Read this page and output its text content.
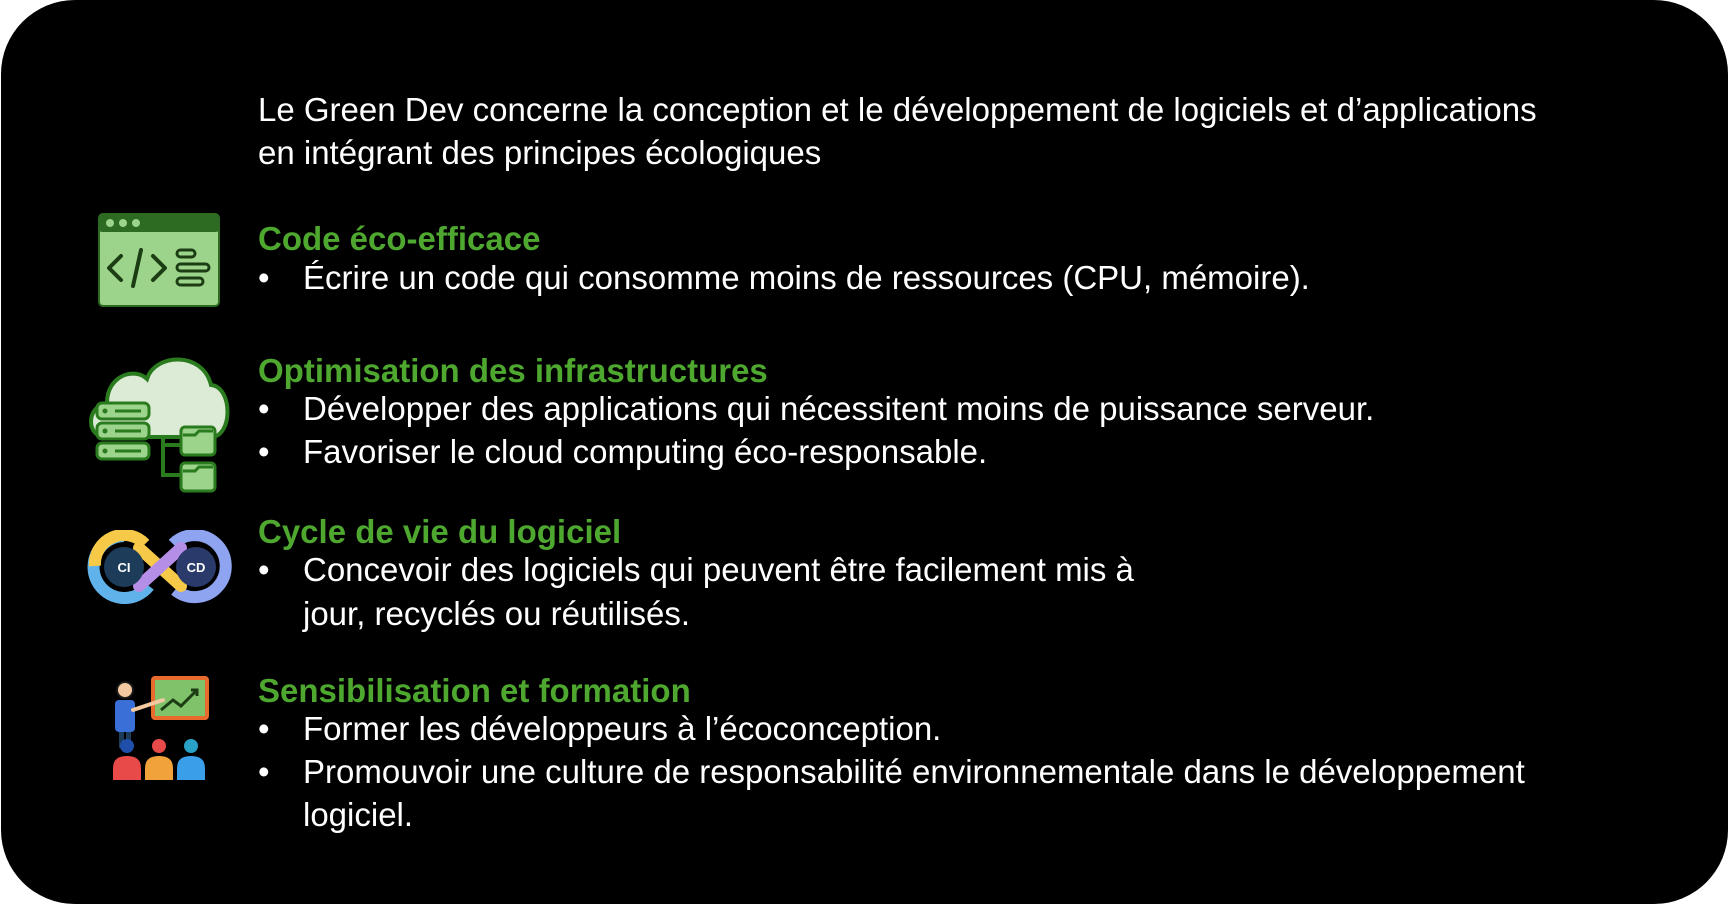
Le Green Dev concerne la conception et le développement de logiciels et d’applications
en intégrant des principes écologiques
CI	CD
Code éco-efficace
• Écrire un code qui consomme moins de ressources (CPU, mémoire).
Optimisation des infrastructures
• Développer des applications qui nécessitent moins de puissance serveur.
• Favoriser le cloud computing éco-responsable.
Cycle de vie du logiciel
• Concevoir des logiciels qui peuvent être facilement mis à
jour, recyclés ou réutilisés.
Sensibilisation et formation
• Former les développeurs à l’écoconception.
• Promouvoir une culture de responsabilité environnementale dans le développement
logiciel.
